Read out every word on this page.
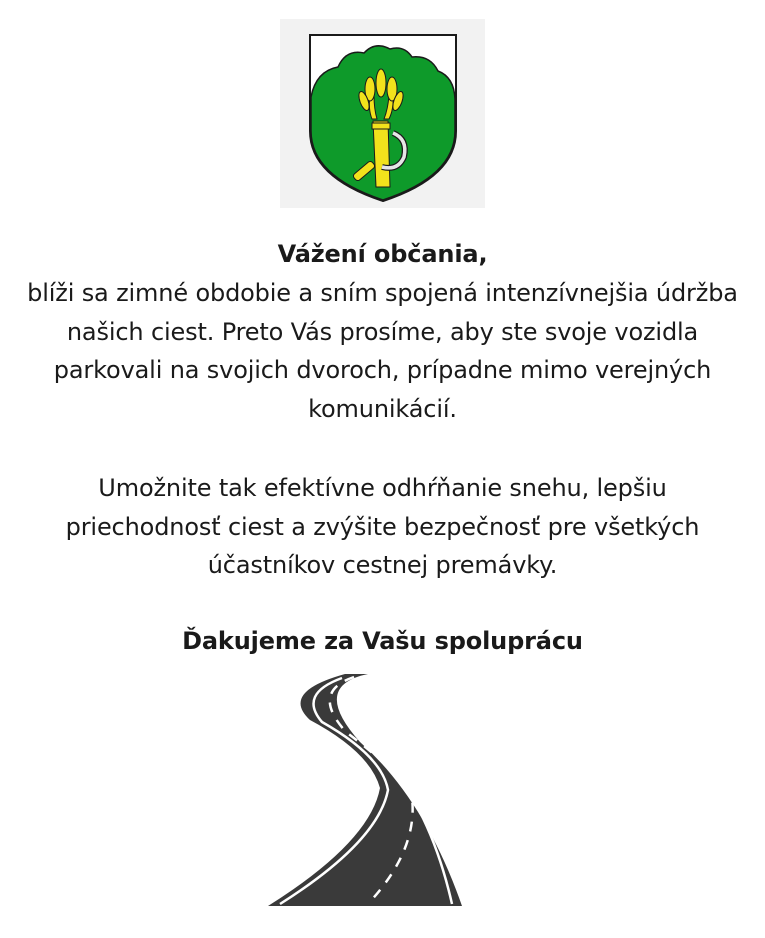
Vážení občania,

blíži sa zimné obdobie a sním spojená intenzívnejšia údržba našich ciest. Preto Vás prosíme, aby ste svoje vozidla parkovali na svojich dvoroch, prípadne mimo verejných komunikácií.

Umožnite tak efektívne odhŕňanie snehu, lepšiu priechodnosť ciest a zvýšite bezpečnosť pre všetkých účastníkov cestnej premávky.

Ďakujeme za Vašu spoluprácu
